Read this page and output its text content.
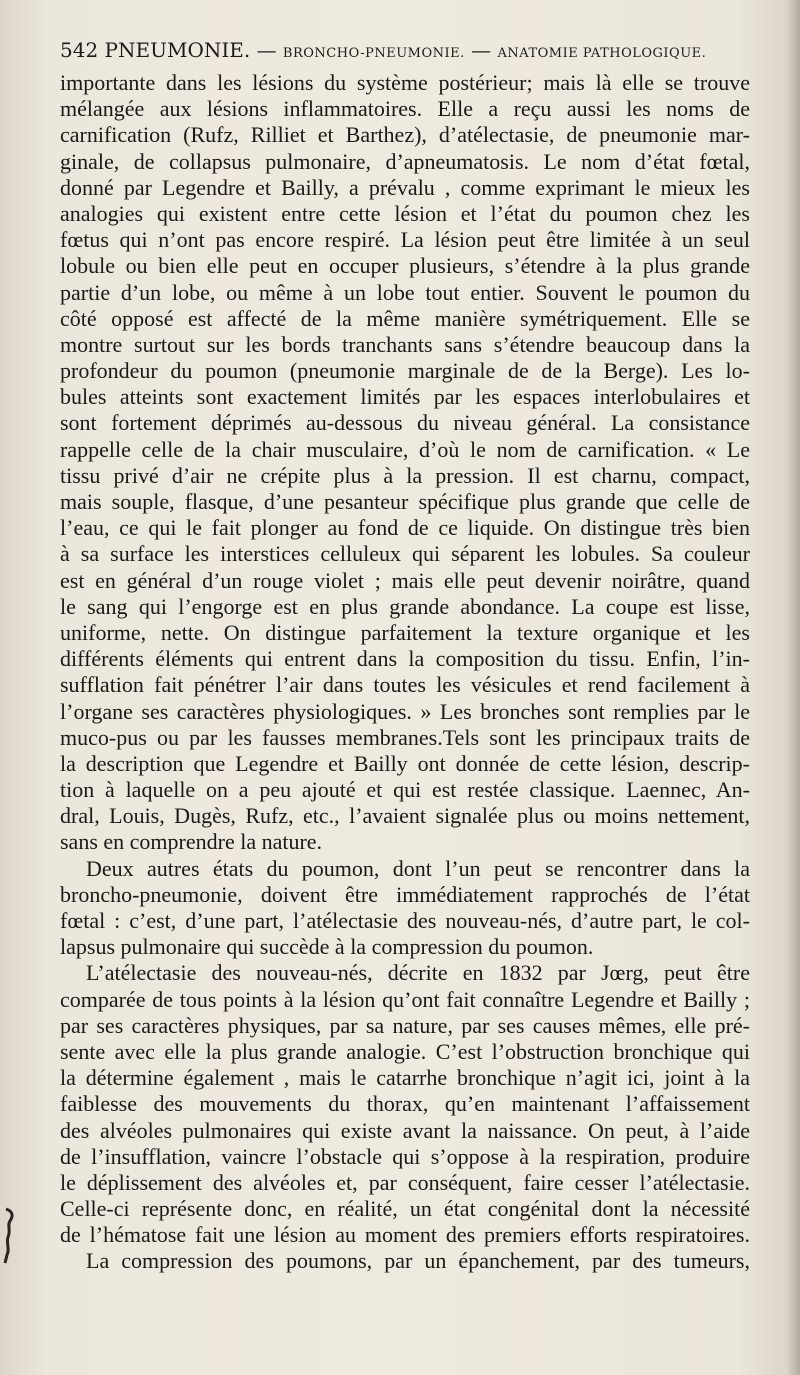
542 PNEUMONIE. — BRONCHO-PNEUMONIE. — ANATOMIE PATHOLOGIQUE.
importante dans les lésions du système postérieur; mais là elle se trouve
mélangée aux lésions inflammatoires. Elle a reçu aussi les noms de
carnification (Rufz, Rilliet et Barthez), d’atélectasie, de pneumonie mar-
ginale, de collapsus pulmonaire, d’apneumatosis. Le nom d’état fœtal,
donné par Legendre et Bailly, a prévalu , comme exprimant le mieux les
analogies qui existent entre cette lésion et l’état du poumon chez les
fœtus qui n’ont pas encore respiré. La lésion peut être limitée à un seul
lobule ou bien elle peut en occuper plusieurs, s’étendre à la plus grande
partie d’un lobe, ou même à un lobe tout entier. Souvent le poumon du
côté opposé est affecté de la même manière symétriquement. Elle se
montre surtout sur les bords tranchants sans s’étendre beaucoup dans la
profondeur du poumon (pneumonie marginale de de la Berge). Les lo-
bules atteints sont exactement limités par les espaces interlobulaires et
sont fortement déprimés au-dessous du niveau général. La consistance
rappelle celle de la chair musculaire, d’où le nom de carnification. « Le
tissu privé d’air ne crépite plus à la pression. Il est charnu, compact,
mais souple, flasque, d’une pesanteur spécifique plus grande que celle de
l’eau, ce qui le fait plonger au fond de ce liquide. On distingue très bien
à sa surface les interstices celluleux qui séparent les lobules. Sa couleur
est en général d’un rouge violet ; mais elle peut devenir noirâtre, quand
le sang qui l’engorge est en plus grande abondance. La coupe est lisse,
uniforme, nette. On distingue parfaitement la texture organique et les
différents éléments qui entrent dans la composition du tissu. Enfin, l’in-
sufflation fait pénétrer l’air dans toutes les vésicules et rend facilement à
l’organe ses caractères physiologiques. » Les bronches sont remplies par le
muco-pus ou par les fausses membranes.Tels sont les principaux traits de
la description que Legendre et Bailly ont donnée de cette lésion, descrip-
tion à laquelle on a peu ajouté et qui est restée classique. Laennec, An-
dral, Louis, Dugès, Rufz, etc., l’avaient signalée plus ou moins nettement,
sans en comprendre la nature.
Deux autres états du poumon, dont l’un peut se rencontrer dans la
broncho-pneumonie, doivent être immédiatement rapprochés de l’état
fœtal : c’est, d’une part, l’atélectasie des nouveau-nés, d’autre part, le col-
lapsus pulmonaire qui succède à la compression du poumon.
L’atélectasie des nouveau-nés, décrite en 1832 par Jœrg, peut être
comparée de tous points à la lésion qu’ont fait connaître Legendre et Bailly ;
par ses caractères physiques, par sa nature, par ses causes mêmes, elle pré-
sente avec elle la plus grande analogie. C’est l’obstruction bronchique qui
la détermine également , mais le catarrhe bronchique n’agit ici, joint à la
faiblesse des mouvements du thorax, qu’en maintenant l’affaissement
des alvéoles pulmonaires qui existe avant la naissance. On peut, à l’aide
de l’insufflation, vaincre l’obstacle qui s’oppose à la respiration, produire
le déplissement des alvéoles et, par conséquent, faire cesser l’atélectasie.
Celle-ci représente donc, en réalité, un état congénital dont la nécessité
de l’hématose fait une lésion au moment des premiers efforts respiratoires.
La compression des poumons, par un épanchement, par des tumeurs,
